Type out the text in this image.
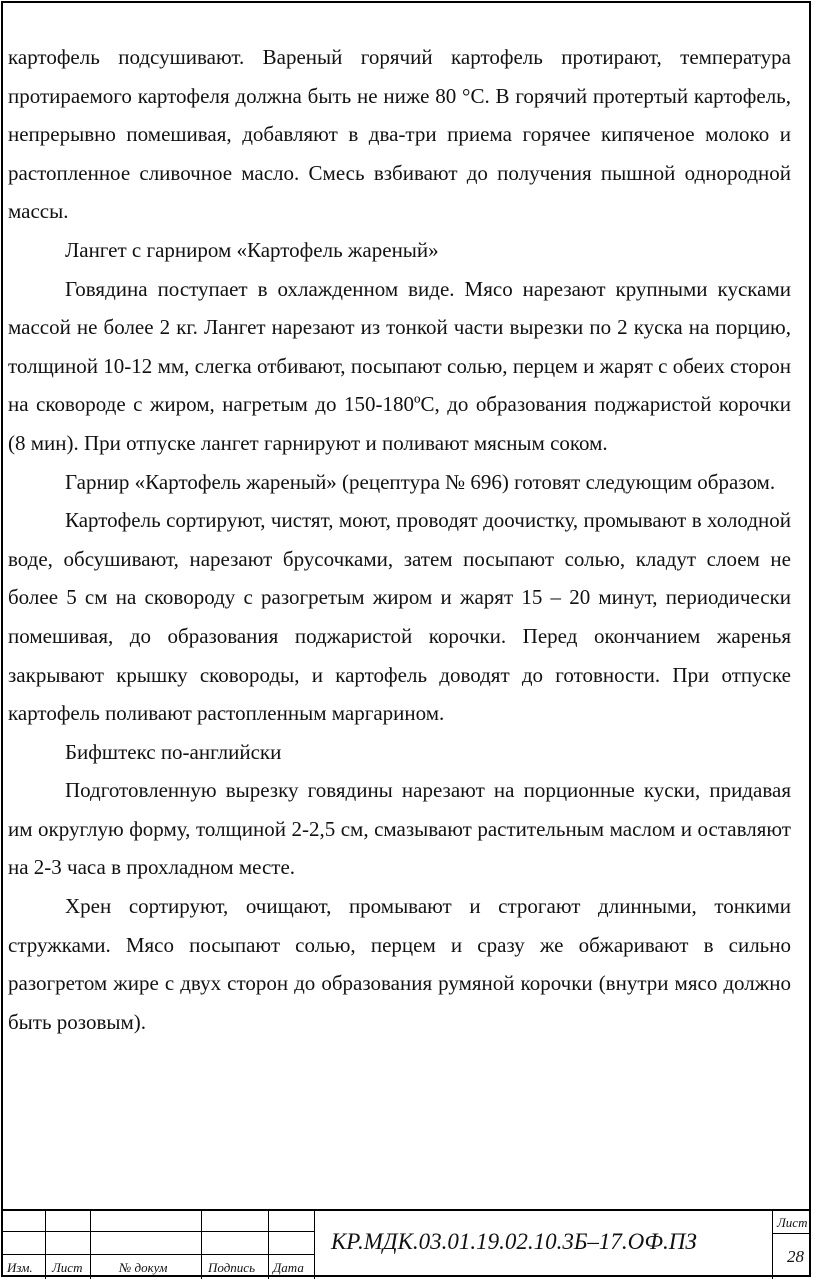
картофель подсушивают. Вареный горячий картофель протирают, температура протираемого картофеля должна быть не ниже 80 °С. В горячий протертый картофель, непрерывно помешивая, добавляют в два-три приема горячее кипяченое молоко и растопленное сливочное масло. Смесь взбивают до получения пышной однородной массы.

Лангет с гарниром «Картофель жареный»

Говядина поступает в охлажденном виде. Мясо нарезают крупными кусками массой не более 2 кг. Лангет нарезают из тонкой части вырезки по 2 куска на порцию, толщиной 10-12 мм, слегка отбивают, посыпают солью, перцем и жарят с обеих сторон на сковороде с жиром, нагретым до 150-180ºС, до образования поджаристой корочки (8 мин). При отпуске лангет гарнируют и поливают мясным соком.

Гарнир «Картофель жареный» (рецептура № 696) готовят следующим образом.

Картофель сортируют, чистят, моют, проводят доочистку, промывают в холодной воде, обсушивают, нарезают брусочками, затем посыпают солью, кладут слоем не более 5 см на сковороду с разогретым жиром и жарят 15 – 20 минут, периодически помешивая, до образования поджаристой корочки. Перед окончанием жаренья закрывают крышку сковороды, и картофель доводят до готовности. При отпуске картофель поливают растопленным маргарином.

Бифштекс по-английски

Подготовленную вырезку говядины нарезают на порционные куски, придавая им округлую форму, толщиной 2-2,5 см, смазывают растительным маслом и оставляют на 2-3 часа в прохладном месте.

Хрен сортируют, очищают, промывают и строгают длинными, тонкими стружками. Мясо посыпают солью, перцем и сразу же обжаривают в сильно разогретом жире с двух сторон до образования румяной корочки (внутри мясо должно быть розовым).

Изм. Лист	№ докум	Подпись Дата
КР.МДК.03.01.19.02.10.3Б–17.ОФ.ПЗ
Лист
28
